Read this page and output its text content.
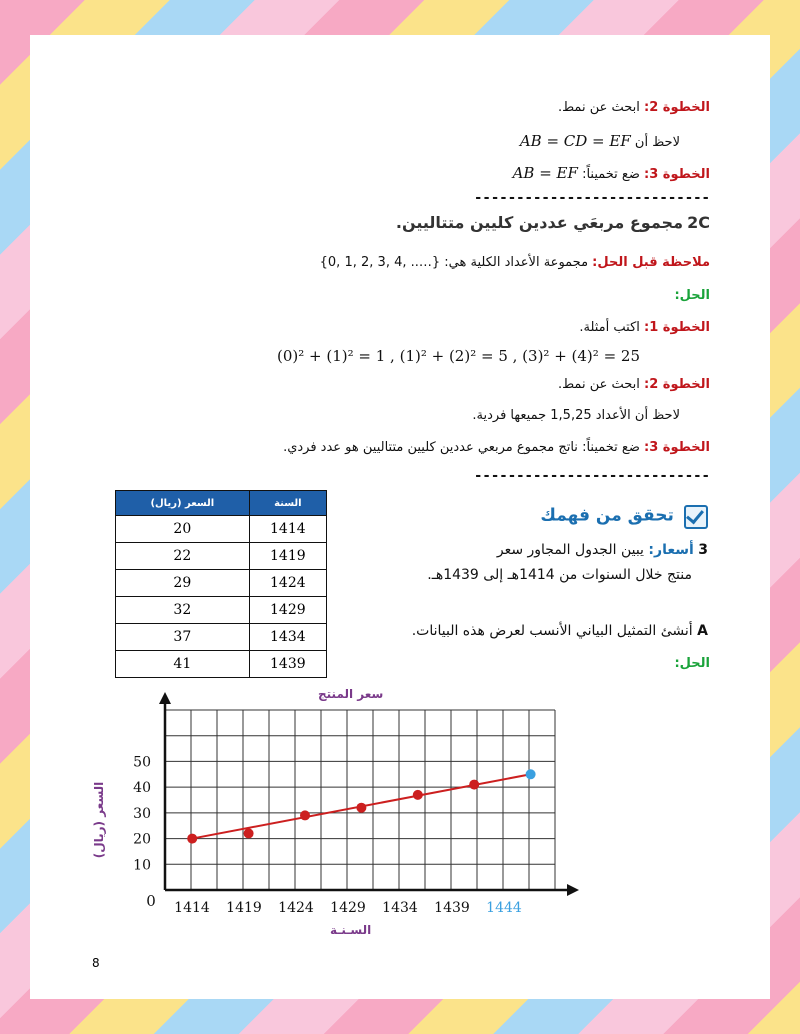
الخطوة 2: ابحث عن نمط.
لاحظ أن AB = CD = EF
الخطوة 3: ضع تخميناً: AB = EF
----------------------------
2C مجموع مربعَي عددين كليين متتاليين.
ملاحظة قبل الحل: مجموعة الأعداد الكلية هي: {….. ,4 ,3 ,2 ,1 ,0}
الحل:
الخطوة 1: اكتب أمثلة.
(0)² + (1)² = 1 , (1)² + (2)² = 5 , (3)² + (4)² = 25
الخطوة 2: ابحث عن نمط.
لاحظ أن الأعداد 1,5,25 جميعها فردية.
الخطوة 3: ضع تخميناً: ناتج مجموع مربعي عددين كليين متتاليين هو عدد فردي.
----------------------------
تحقق من فهمك
3 أسعار: يبين الجدول المجاور سعر
منتج خلال السنوات من 1414هـ إلى 1439هـ.
A أنشئ التمثيل البياني الأنسب لعرض هذه البيانات.
الحل:
السعر (ريال)	السنة
20	1414
22	1419
29	1424
32	1429
37	1434
41	1439
سعر المنتج
0
10
20
30
40
50
1414 1419 1424 1429 1434 1439 1444
السعر (ريال)
السـنـة
8
